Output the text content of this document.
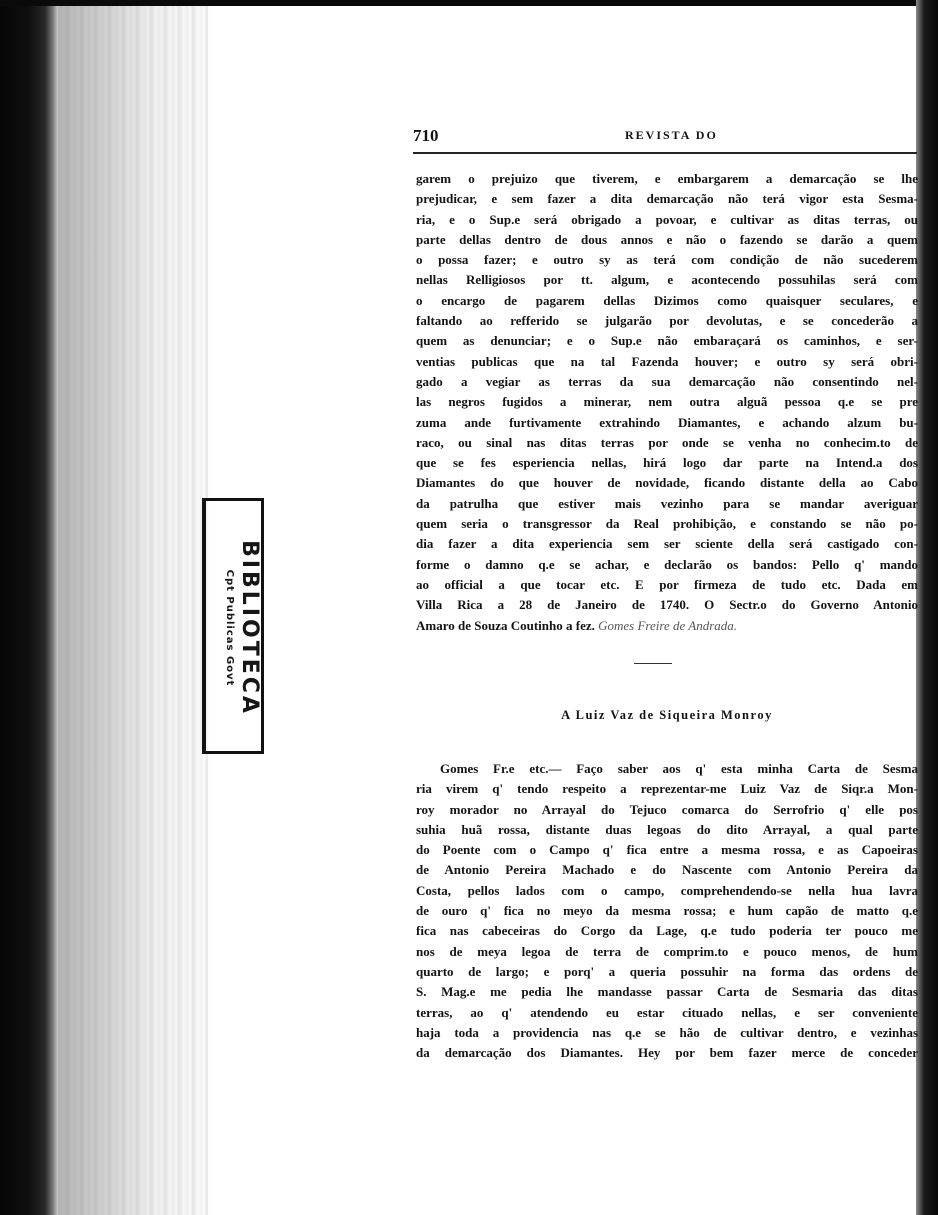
BIBLIOTECA
Cpt Publicas Govt
710	REVISTA DO
garem o prejuizo que tiverem, e embargarem a demarcação se lhe
prejudicar, e sem fazer a dita demarcação não terá vigor esta Sesma-
ria, e o Sup.e será obrigado a povoar, e cultivar as ditas terras, ou
parte dellas dentro de dous annos e não o fazendo se darão a quem
o possa fazer; e outro sy as terá com condição de não sucederem
nellas Relligiosos por tt. algum, e acontecendo possuhilas será com
o encargo de pagarem dellas Dizimos como quaisquer seculares, e
faltando ao refferido se julgarão por devolutas, e se concederão a
quem as denunciar; e o Sup.e não embaraçará os caminhos, e ser-
ventias publicas que na tal Fazenda houver; e outro sy será obri-
gado a vegiar as terras da sua demarcação não consentindo nel-
las negros fugidos a minerar, nem outra alguã pessoa q.e se pre
zuma ande furtivamente extrahindo Diamantes, e achando alzum bu-
raco, ou sinal nas ditas terras por onde se venha no conhecim.to de
que se fes esperiencia nellas, hirá logo dar parte na Intend.a dos
Diamantes do que houver de novidade, ficando distante della ao Cabo
da patrulha que estiver mais vezinho para se mandar averiguar
quem seria o transgressor da Real prohibição, e constando se não po-
dia fazer a dita experiencia sem ser sciente della será castigado con-
forme o damno q.e se achar, e declarão os bandos: Pello q' mando
ao official a que tocar etc. E por firmeza de tudo etc. Dada em
Villa Rica a 28 de Janeiro de 1740. O Sectr.o do Governo Antonio
Amaro de Souza Coutinho a fez. Gomes Freire de Andrada.
A Luiz Vaz de Siqueira Monroy
Gomes Fr.e etc.— Faço saber aos q' esta minha Carta de Sesma
ria virem q' tendo respeito a reprezentar-me Luiz Vaz de Siqr.a Mon-
roy morador no Arrayal do Tejuco comarca do Serrofrio q' elle pos
suhia huã rossa, distante duas legoas do dito Arrayal, a qual parte
do Poente com o Campo q' fica entre a mesma rossa, e as Capoeiras
de Antonio Pereira Machado e do Nascente com Antonio Pereira da
Costa, pellos lados com o campo, comprehendendo-se nella hua lavra
de ouro q' fica no meyo da mesma rossa; e hum capão de matto q.e
fica nas cabeceiras do Corgo da Lage, q.e tudo poderia ter pouco me
nos de meya legoa de terra de comprim.to e pouco menos, de hum
quarto de largo; e porq' a queria possuhir na forma das ordens de
S. Mag.e me pedia lhe mandasse passar Carta de Sesmaria das ditas
terras, ao q' atendendo eu estar cituado nellas, e ser conveniente
haja toda a providencia nas q.e se hão de cultivar dentro, e vezinhas
da demarcação dos Diamantes. Hey por bem fazer merce de conceder
